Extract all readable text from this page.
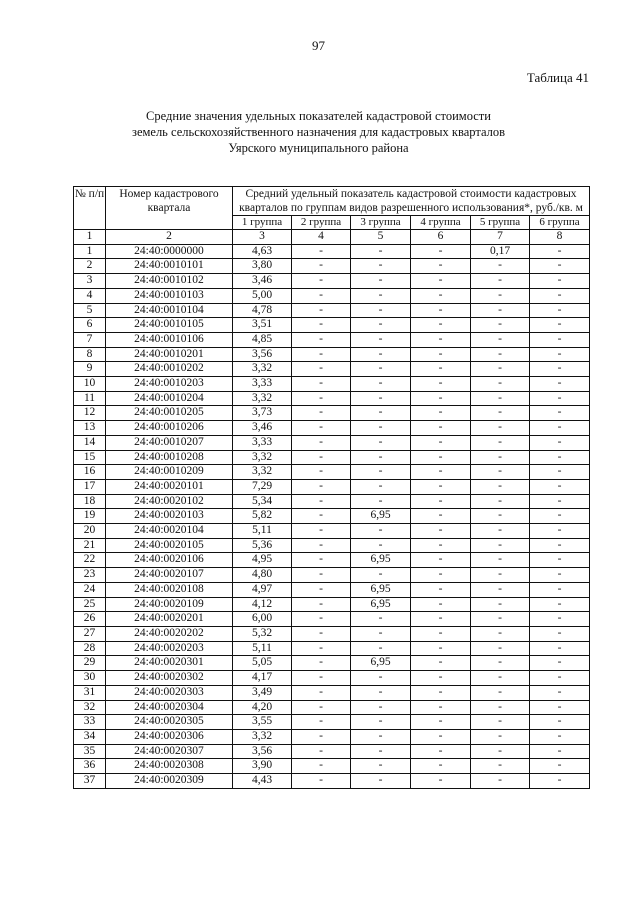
97
Таблица 41
Средние значения удельных показателей кадастровой стоимости
земель сельскохозяйственного назначения для кадастровых кварталов
Уярского муниципального района
№ п/п	Номер кадастрового квартала	Средний удельный показатель кадастровой стоимости кадастровых кварталов по группам видов разрешенного использования*, руб./кв. м					
		1 группа	2 группа	3 группа	4 группа	5 группа	6 группа
1	2	3	4	5	6	7	8
1	24:40:0000000	4,63	-	-	-	0,17	-
2	24:40:0010101	3,80	-	-	-	-	-
3	24:40:0010102	3,46	-	-	-	-	-
4	24:40:0010103	5,00	-	-	-	-	-
5	24:40:0010104	4,78	-	-	-	-	-
6	24:40:0010105	3,51	-	-	-	-	-
7	24:40:0010106	4,85	-	-	-	-	-
8	24:40:0010201	3,56	-	-	-	-	-
9	24:40:0010202	3,32	-	-	-	-	-
10	24:40:0010203	3,33	-	-	-	-	-
11	24:40:0010204	3,32	-	-	-	-	-
12	24:40:0010205	3,73	-	-	-	-	-
13	24:40:0010206	3,46	-	-	-	-	-
14	24:40:0010207	3,33	-	-	-	-	-
15	24:40:0010208	3,32	-	-	-	-	-
16	24:40:0010209	3,32	-	-	-	-	-
17	24:40:0020101	7,29	-	-	-	-	-
18	24:40:0020102	5,34	-	-	-	-	-
19	24:40:0020103	5,82	-	6,95	-	-	-
20	24:40:0020104	5,11	-	-	-	-	-
21	24:40:0020105	5,36	-	-	-	-	-
22	24:40:0020106	4,95	-	6,95	-	-	-
23	24:40:0020107	4,80	-	-	-	-	-
24	24:40:0020108	4,97	-	6,95	-	-	-
25	24:40:0020109	4,12	-	6,95	-	-	-
26	24:40:0020201	6,00	-	-	-	-	-
27	24:40:0020202	5,32	-	-	-	-	-
28	24:40:0020203	5,11	-	-	-	-	-
29	24:40:0020301	5,05	-	6,95	-	-	-
30	24:40:0020302	4,17	-	-	-	-	-
31	24:40:0020303	3,49	-	-	-	-	-
32	24:40:0020304	4,20	-	-	-	-	-
33	24:40:0020305	3,55	-	-	-	-	-
34	24:40:0020306	3,32	-	-	-	-	-
35	24:40:0020307	3,56	-	-	-	-	-
36	24:40:0020308	3,90	-	-	-	-	-
37	24:40:0020309	4,43	-	-	-	-	-
